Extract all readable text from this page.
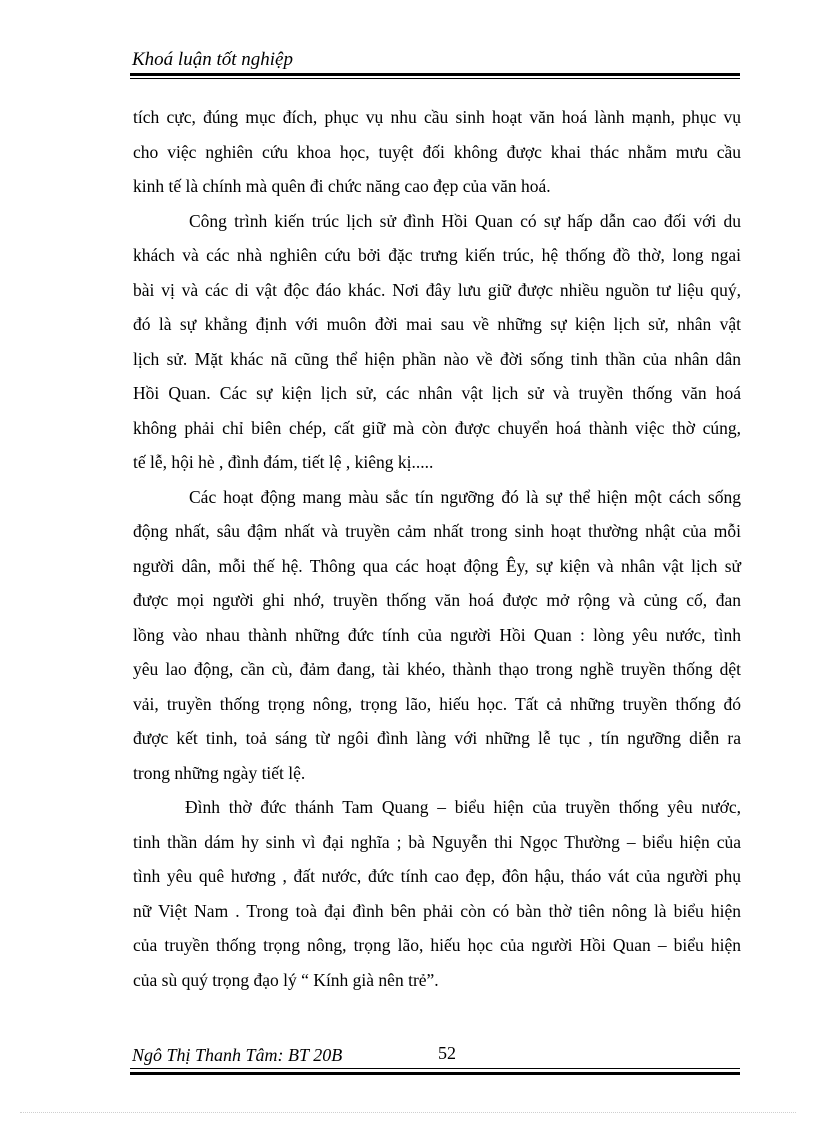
Khoá luận tốt nghiệp
tích cực, đúng mục đích, phục vụ nhu cầu sinh hoạt văn hoá lành mạnh, phục vụ
cho việc nghiên cứu khoa học, tuyệt đối không được khai thác nhằm mưu cầu
kinh tế là chính mà quên đi chức năng cao đẹp của văn hoá.
Công trình kiến trúc lịch sử đình Hồi Quan có sự hấp dẫn cao đối với du
khách và các nhà nghiên cứu bởi đặc trưng kiến trúc, hệ thống đồ thờ, long ngai
bài vị và các di vật độc đáo khác. Nơi đây lưu giữ được nhiều nguồn tư liệu quý,
đó là sự khẳng định với muôn đời mai sau về những sự kiện lịch sử, nhân vật
lịch sử. Mặt khác nã cũng thể hiện phần nào về đời sống tinh thần của nhân dân
Hồi Quan. Các sự kiện lịch sử, các nhân vật lịch sử và truyền thống văn hoá
không phải chỉ biên chép, cất giữ mà còn được chuyển hoá thành việc thờ cúng,
tế lễ, hội hè , đình đám, tiết lệ , kiêng kị.....
Các hoạt động mang màu sắc tín ngưỡng đó là sự thể hiện một cách sống
động nhất, sâu đậm nhất và truyền cảm nhất trong sinh hoạt thường nhật của mỗi
người dân, mỗi thế hệ. Thông qua các hoạt động Êy, sự kiện và nhân vật lịch sử
được mọi người ghi nhớ, truyền thống văn hoá được mở rộng và củng cố, đan
lồng vào nhau thành những đức tính của người Hồi Quan : lòng yêu nước, tình
yêu lao động, cần cù, đảm đang, tài khéo, thành thạo trong nghề truyền thống dệt
vải, truyền thống trọng nông, trọng lão, hiếu học. Tất cả những truyền thống đó
được kết tinh, toả sáng từ ngôi đình làng với những lễ tục , tín ngưỡng diễn ra
trong những ngày tiết lệ.
Đình thờ đức thánh Tam Quang – biểu hiện của truyền thống yêu nước,
tinh thần dám hy sinh vì đại nghĩa ; bà Nguyễn thi Ngọc Thường – biểu hiện của
tình yêu quê hương , đất nước, đức tính cao đẹp, đôn hậu, tháo vát của người phụ
nữ Việt Nam . Trong toà đại đình bên phải còn có bàn thờ tiên nông là biểu hiện
của truyền thống trọng nông, trọng lão, hiếu học của người Hồi Quan – biểu hiện
của sù quý trọng đạo lý “ Kính già nên trẻ”.
Ngô Thị Thanh Tâm: BT 20B	52
